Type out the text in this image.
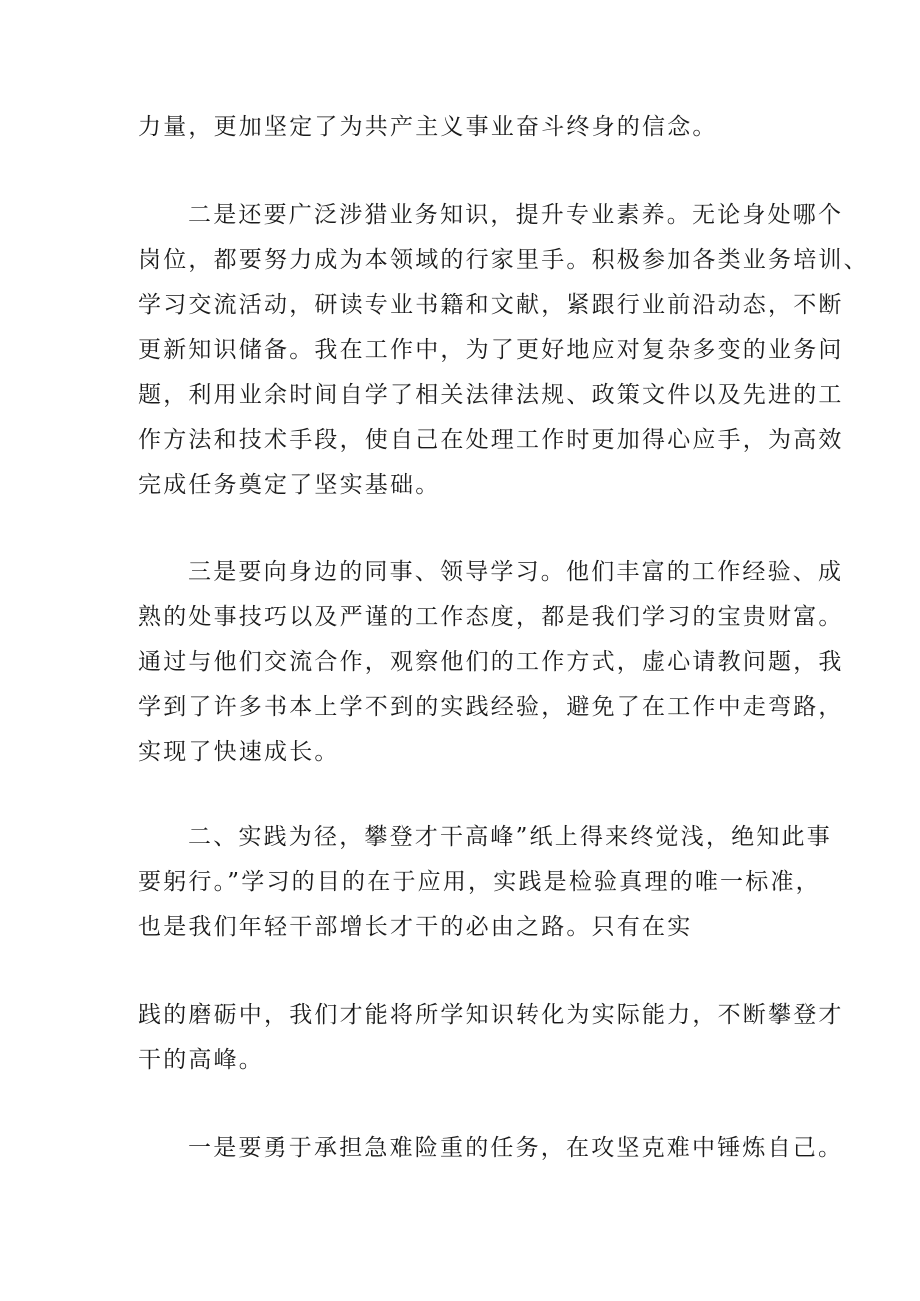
力量，更加坚定了为共产主义事业奋斗终身的信念。
二是还要广泛涉猎业务知识，提升专业素养。无论身处哪个
岗位，都要努力成为本领域的行家里手。积极参加各类业务培训、
学习交流活动，研读专业书籍和文献，紧跟行业前沿动态，不断
更新知识储备。我在工作中，为了更好地应对复杂多变的业务问
题，利用业余时间自学了相关法律法规、政策文件以及先进的工
作方法和技术手段，使自己在处理工作时更加得心应手，为高效
完成任务奠定了坚实基础。
三是要向身边的同事、领导学习。他们丰富的工作经验、成
熟的处事技巧以及严谨的工作态度，都是我们学习的宝贵财富。
通过与他们交流合作，观察他们的工作方式，虚心请教问题，我
学到了许多书本上学不到的实践经验，避免了在工作中走弯路，
实现了快速成长。
二、实践为径，攀登才干高峰”纸上得来终觉浅，绝知此事
要躬行。”学习的目的在于应用，实践是检验真理的唯一标准，
也是我们年轻干部增长才干的必由之路。只有在实
践的磨砺中，我们才能将所学知识转化为实际能力，不断攀登才
干的高峰。
一是要勇于承担急难险重的任务，在攻坚克难中锤炼自己。
